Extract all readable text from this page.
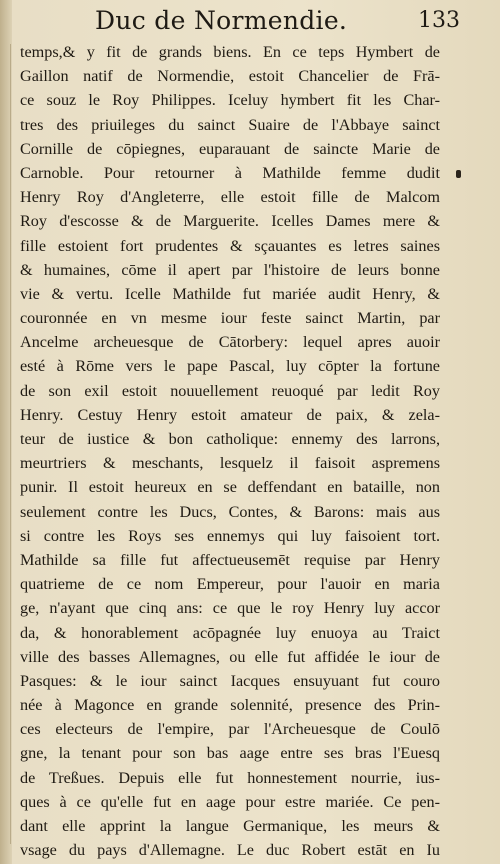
Duc de Normendie.	133
temps,& y fit de grands biens. En ce teps Hymbert de
Gaillon natif de Normendie, estoit Chancelier de Frā-
ce souz le Roy Philippes. Iceluy hymbert fit les Char-
tres des priuileges du sainct Suaire de l'Abbaye sainct
Cornille de cōpiegnes, euparauant de saincte Marie de
Carnoble. Pour retourner à Mathilde femme dudit
Henry Roy d'Angleterre, elle estoit fille de Malcom
Roy d'escosse & de Marguerite. Icelles Dames mere &
fille estoient fort prudentes & sçauantes es letres saines
& humaines, cōme il apert par l'histoire de leurs bonne
vie & vertu. Icelle Mathilde fut mariée audit Henry, &
couronnée en vn mesme iour feste sainct Martin, par
Ancelme archeuesque de Cātorbery: lequel apres auoir
esté à Rōme vers le pape Pascal, luy cōpter la fortune
de son exil estoit nouuellement reuoqué par ledit Roy
Henry. Cestuy Henry estoit amateur de paix, & zela-
teur de iustice & bon catholique: ennemy des larrons,
meurtriers & meschants, lesquelz il faisoit aspremens
punir. Il estoit heureux en se deffendant en bataille, non
seulement contre les Ducs, Contes, & Barons: mais aus
si contre les Roys ses ennemys qui luy faisoient tort.
Mathilde sa fille fut affectueusemēt requise par Henry
quatrieme de ce nom Empereur, pour l'auoir en maria
ge, n'ayant que cinq ans: ce que le roy Henry luy accor
da, & honorablement acōpagnée luy enuoya au Traict
ville des basses Allemagnes, ou elle fut affidée le iour de
Pasques: & le iour sainct Iacques ensuyuant fut couro
née à Magonce en grande solennité, presence des Prin-
ces electeurs de l'empire, par l'Archeuesque de Coulō
gne, la tenant pour son bas aage entre ses bras l'Euesq
de Treßues. Depuis elle fut honnestement nourrie, ius-
ques à ce qu'elle fut en aage pour estre mariée. Ce pen-
dant elle apprint la langue Germanique, les meurs &
vsage du pays d'Allemagne. Le duc Robert estāt en Iu
